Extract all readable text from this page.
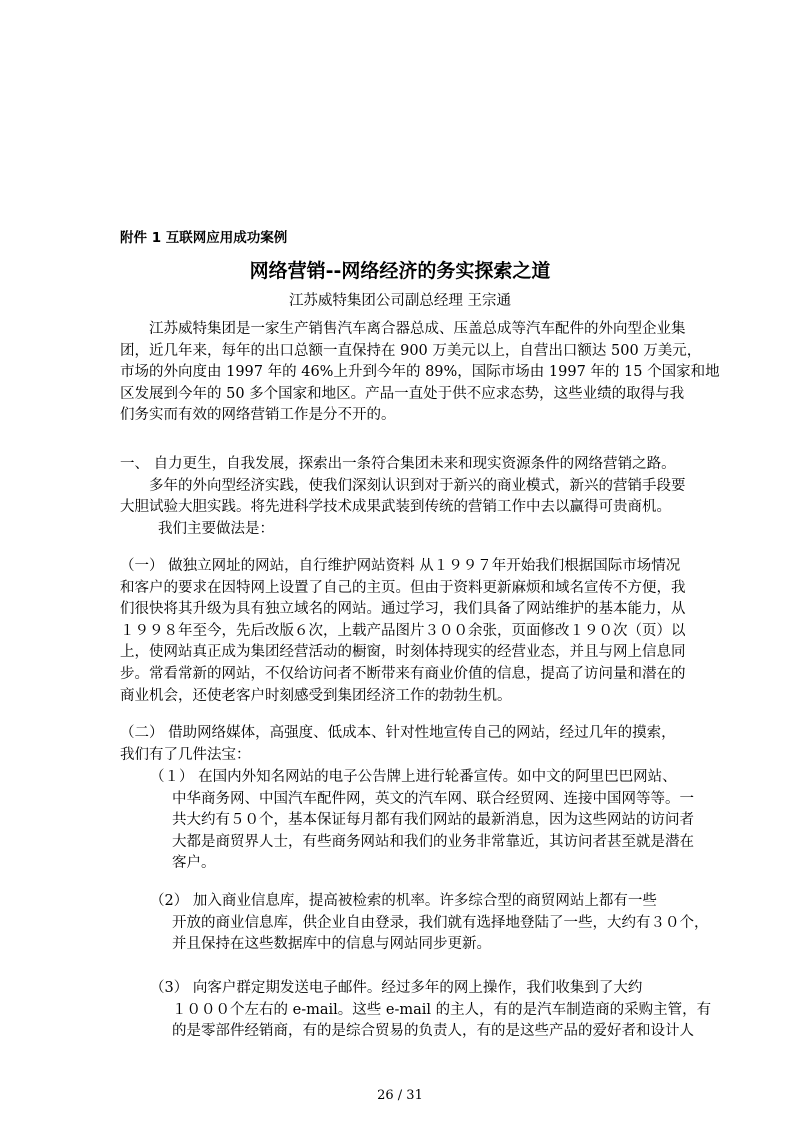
附件 1 互联网应用成功案例
网络营销--网络经济的务实探索之道
江苏威特集团公司副总经理 王宗通
江苏威特集团是一家生产销售汽车离合器总成、压盖总成等汽车配件的外向型企业集
团，近几年来，每年的出口总额一直保持在 900 万美元以上，自营出口额达 500 万美元，
市场的外向度由 1997 年的 46%上升到今年的 89%，国际市场由 1997 年的 15 个国家和地
区发展到今年的 50 多个国家和地区。产品一直处于供不应求态势，这些业绩的取得与我
们务实而有效的网络营销工作是分不开的。
一、 自力更生，自我发展，探索出一条符合集团未来和现实资源条件的网络营销之路。
多年的外向型经济实践，使我们深刻认识到对于新兴的商业模式，新兴的营销手段要
大胆试验大胆实践。将先进科学技术成果武装到传统的营销工作中去以赢得可贵商机。
我们主要做法是：
（一） 做独立网址的网站，自行维护网站资料 从１９９７年开始我们根据国际市场情况
和客户的要求在因特网上设置了自己的主页。但由于资料更新麻烦和域名宣传不方便，我
们很快将其升级为具有独立域名的网站。通过学习，我们具备了网站维护的基本能力，从
１９９８年至今，先后改版６次，上载产品图片３００余张，页面修改１９０次（页）以
上，使网站真正成为集团经营活动的橱窗，时刻体持现实的经营业态，并且与网上信息同
步。常看常新的网站，不仅给访问者不断带来有商业价值的信息，提高了访问量和潜在的
商业机会，还使老客户时刻感受到集团经济工作的勃勃生机。
（二） 借助网络媒体，高强度、低成本、针对性地宣传自己的网站，经过几年的摸索，
我们有了几件法宝：
（１） 在国内外知名网站的电子公告牌上进行轮番宣传。如中文的阿里巴巴网站、
中华商务网、中国汽车配件网，英文的汽车网、联合经贸网、连接中国网等等。一
共大约有５０个，基本保证每月都有我们网站的最新消息，因为这些网站的访问者
大都是商贸界人士，有些商务网站和我们的业务非常靠近，其访问者甚至就是潜在
客户。
（2） 加入商业信息库，提高被检索的机率。许多综合型的商贸网站上都有一些
开放的商业信息库，供企业自由登录，我们就有选择地登陆了一些，大约有３０个，
并且保持在这些数据库中的信息与网站同步更新。
（3） 向客户群定期发送电子邮件。经过多年的网上操作，我们收集到了大约
１０００个左右的 e-mail。这些 e-mail 的主人，有的是汽车制造商的采购主管，有
的是零部件经销商，有的是综合贸易的负责人，有的是这些产品的爱好者和设计人
26 / 31
